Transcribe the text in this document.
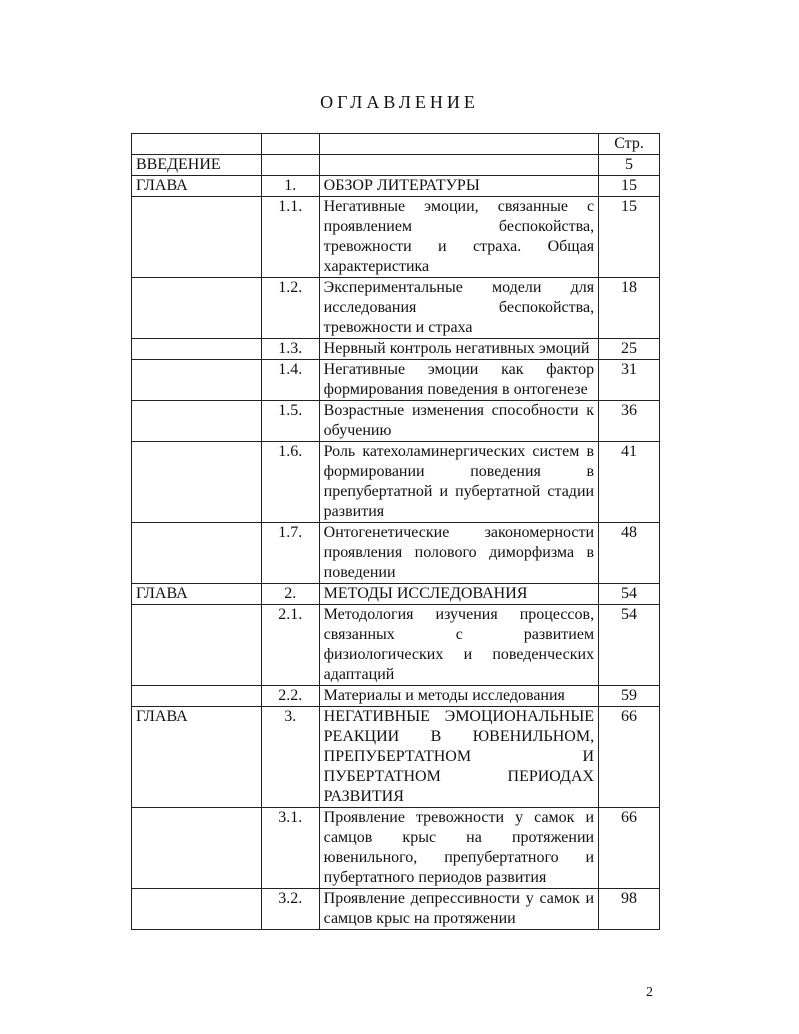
ОГЛАВЛЕНИЕ
			Стр.
ВВЕДЕНИЕ			5
ГЛАВА	1.	ОБЗОР ЛИТЕРАТУРЫ	15
	1.1.	Негативные эмоции, связанные с проявлением беспокойства, тревожности и страха. Общая характеристика	15
	1.2.	Экспериментальные модели для исследования беспокойства, тревожности и страха	18
	1.3.	Нервный контроль негативных эмоций	25
	1.4.	Негативные эмоции как фактор формирования поведения в онтогенезе	31
	1.5.	Возрастные изменения способности к обучению	36
	1.6.	Роль катехоламинергических систем в формировании поведения в препубертатной и пубертатной стадии развития	41
	1.7.	Онтогенетические закономерности проявления полового диморфизма в поведении	48
ГЛАВА	2.	МЕТОДЫ ИССЛЕДОВАНИЯ	54
	2.1.	Методология изучения процессов, связанных с развитием физиологических и поведенческих адаптаций	54
	2.2.	Материалы и методы исследования	59
ГЛАВА	3.	НЕГАТИВНЫЕ ЭМОЦИОНАЛЬНЫЕ РЕАКЦИИ В ЮВЕНИЛЬНОМ, ПРЕПУБЕРТАТНОМ И ПУБЕРТАТНОМ ПЕРИОДАХ РАЗВИТИЯ	66
	3.1.	Проявление тревожности у самок и самцов крыс на протяжении ювенильного, препубертатного и пубертатного периодов развития	66
	3.2.	Проявление депрессивности у самок и самцов крыс на протяжении	98
2
